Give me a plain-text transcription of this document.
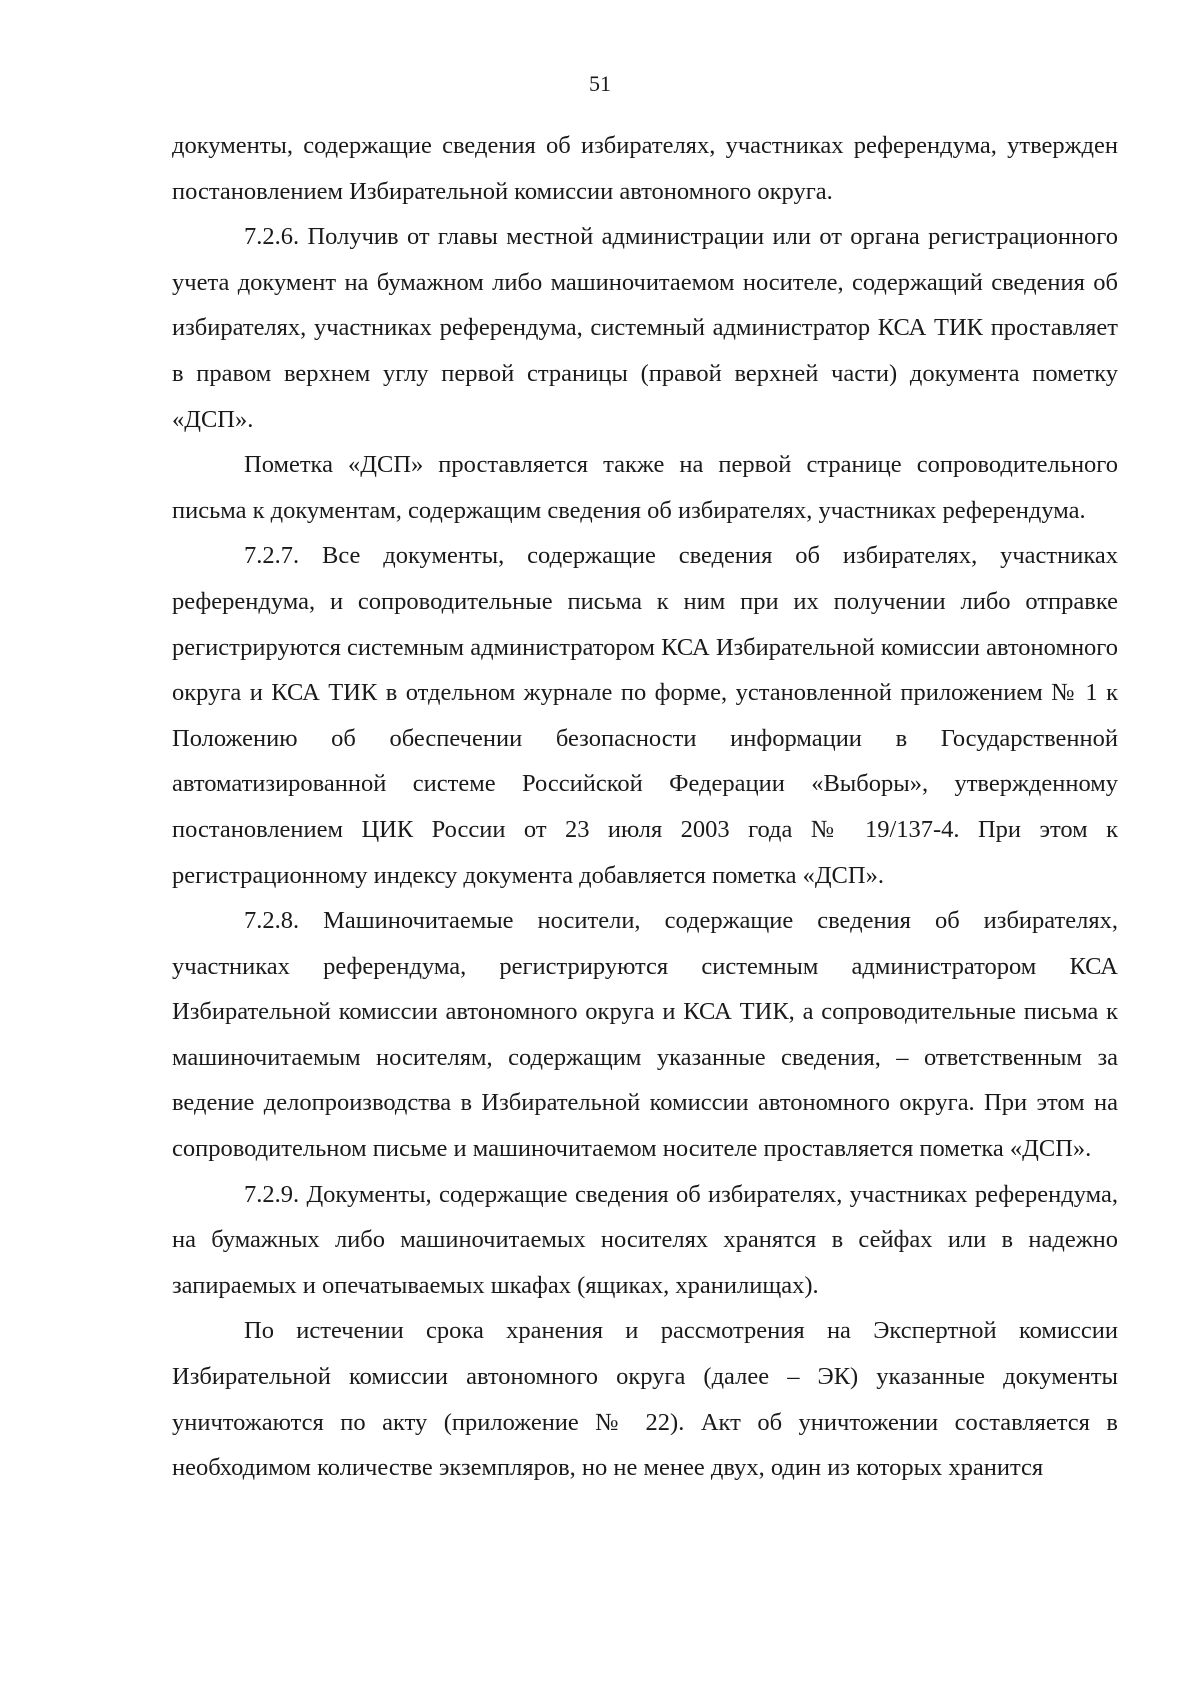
51

документы, содержащие сведения об избирателях, участниках референдума, утвержден постановлением Избирательной комиссии автономного округа.

7.2.6. Получив от главы местной администрации или от органа регистрационного учета документ на бумажном либо машиночитаемом носителе, содержащий сведения об избирателях, участниках референдума, системный администратор КСА ТИК проставляет в правом верхнем углу первой страницы (правой верхней части) документа пометку «ДСП».

Пометка «ДСП» проставляется также на первой странице сопроводительного письма к документам, содержащим сведения об избирателях, участниках референдума.

7.2.7. Все документы, содержащие сведения об избирателях, участниках референдума, и сопроводительные письма к ним при их получении либо отправке регистрируются системным администратором КСА Избирательной комиссии автономного округа и КСА ТИК в отдельном журнале по форме, установленной приложением № 1 к Положению об обеспечении безопасности информации в Государственной автоматизированной системе Российской Федерации «Выборы», утвержденному постановлением ЦИК России от 23 июля 2003 года № 19/137-4. При этом к регистрационному индексу документа добавляется пометка «ДСП».

7.2.8. Машиночитаемые носители, содержащие сведения об избирателях, участниках референдума, регистрируются системным администратором КСА Избирательной комиссии автономного округа и КСА ТИК, а сопроводительные письма к машиночитаемым носителям, содержащим указанные сведения, – ответственным за ведение делопроизводства в Избирательной комиссии автономного округа. При этом на сопроводительном письме и машиночитаемом носителе проставляется пометка «ДСП».

7.2.9. Документы, содержащие сведения об избирателях, участниках референдума, на бумажных либо машиночитаемых носителях хранятся в сейфах или в надежно запираемых и опечатываемых шкафах (ящиках, хранилищах).

По истечении срока хранения и рассмотрения на Экспертной комиссии Избирательной комиссии автономного округа (далее – ЭК) указанные документы уничтожаются по акту (приложение № 22). Акт об уничтожении составляется в необходимом количестве экземпляров, но не менее двух, один из которых хранится
